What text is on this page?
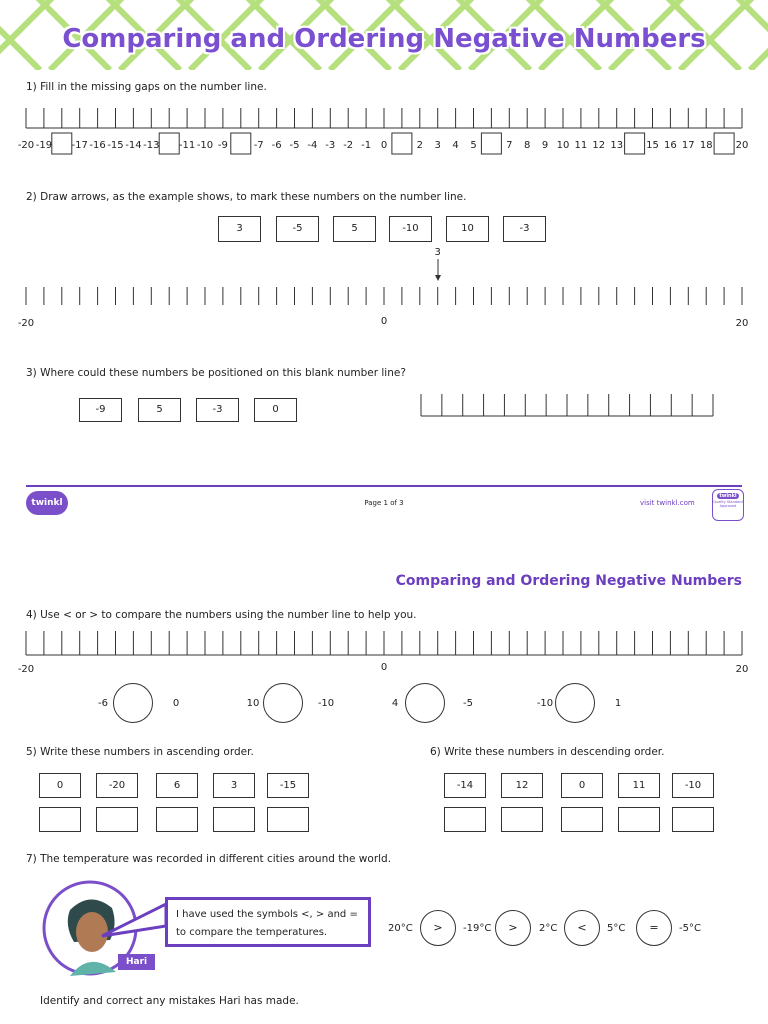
Comparing and Ordering Negative Numbers
1) Fill in the missing gaps on the number line.
-20 -19 -17 -16 -15 -14 -13 -11 -10 -9	-7 -6 -5 -4 -3 -2 -1 0	2 3 4 5	7 8 9 10 11 12 13 15 16 17 18 20
2) Draw arrows, as the example shows, to mark these numbers on the number line.
-20	0	20
3
3) Where could these numbers be positioned on this blank number line?
twinkl	Page 1 of 3	visit twinkl.com
twinkl
Quality Standard Approved
Comparing and Ordering Negative Numbers
4) Use < or > to compare the numbers using the number line to help you.
-20	0	20
5) Write these numbers in ascending order.	6) Write these numbers in descending order.
7) The temperature was recorded in different cities around the world.
Hari
I have used the symbols <, > and =
to compare the temperatures.
Identify and correct any mistakes Hari has made.
3	-5	5	-10	10	-3
-9	5	-3	0
-6	0	10	-10	4	-5	-10	1
0	-20	6	3	-15	-14	12	0	11	-10
20°C	-19°C	2°C	5°C	-5°C
>	>	<	=
